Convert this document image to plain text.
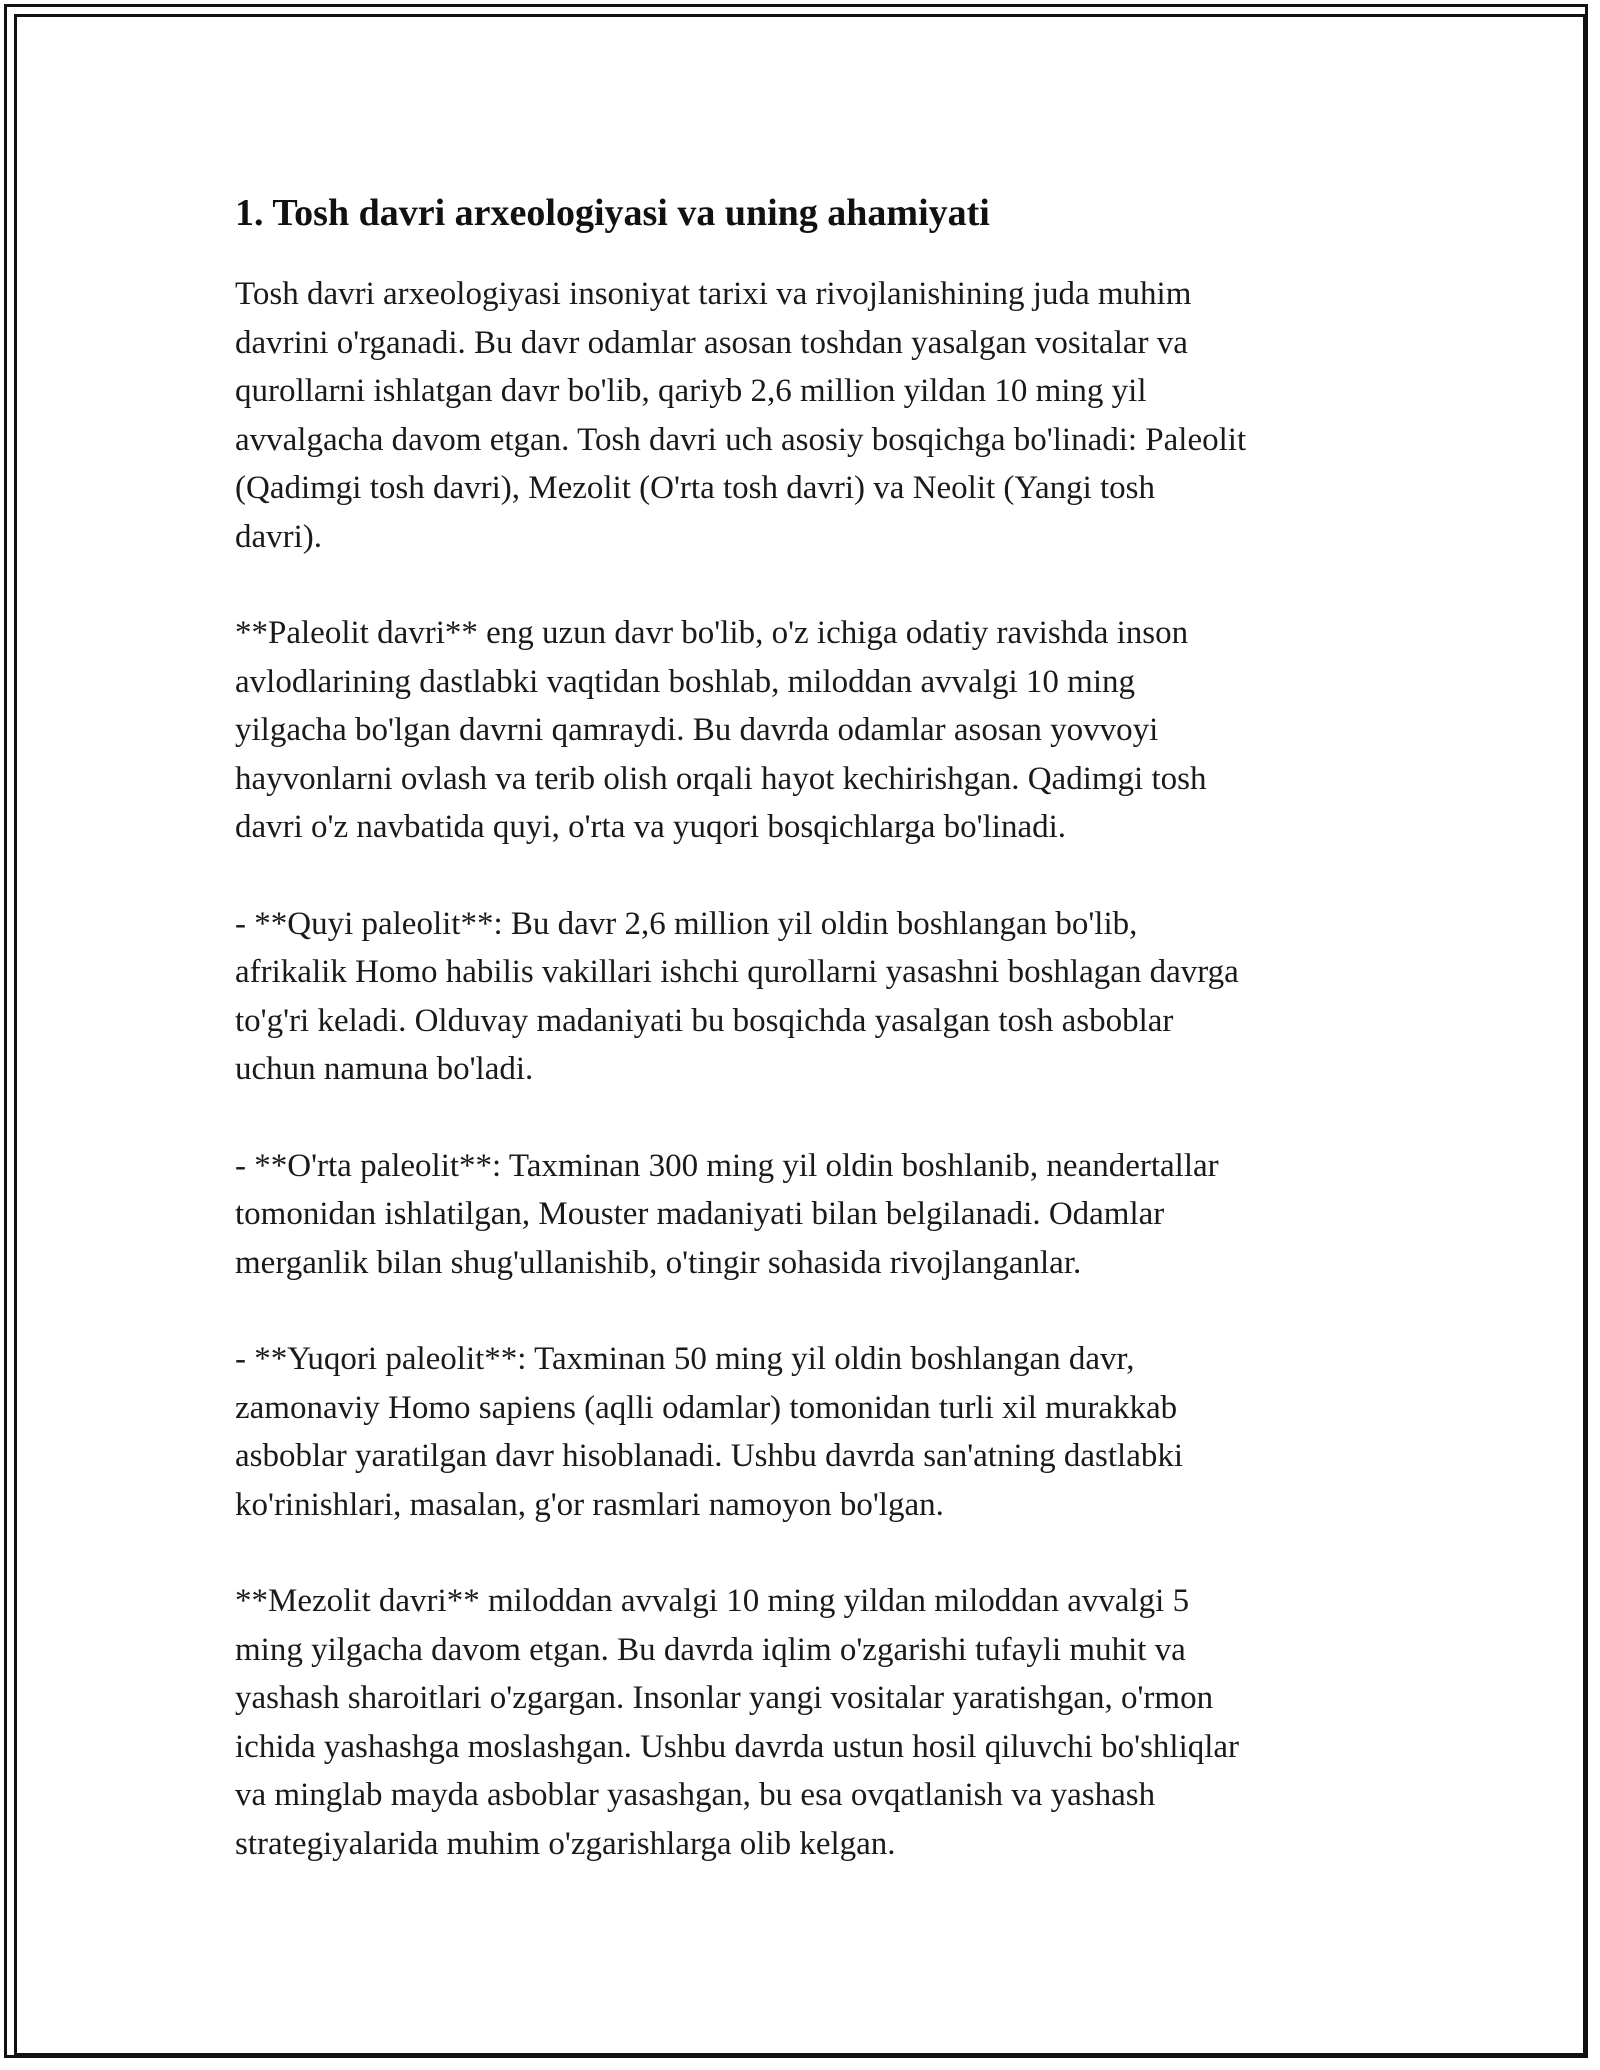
1. Tosh davri arxeologiyasi va uning ahamiyati

Tosh davri arxeologiyasi insoniyat tarixi va rivojlanishining juda muhim
davrini o'rganadi. Bu davr odamlar asosan toshdan yasalgan vositalar va
qurollarni ishlatgan davr bo'lib, qariyb 2,6 million yildan 10 ming yil
avvalgacha davom etgan. Tosh davri uch asosiy bosqichga bo'linadi: Paleolit
(Qadimgi tosh davri), Mezolit (O'rta tosh davri) va Neolit (Yangi tosh
davri).

**Paleolit davri** eng uzun davr bo'lib, o'z ichiga odatiy ravishda inson
avlodlarining dastlabki vaqtidan boshlab, miloddan avvalgi 10 ming
yilgacha bo'lgan davrni qamraydi. Bu davrda odamlar asosan yovvoyi
hayvonlarni ovlash va terib olish orqali hayot kechirishgan. Qadimgi tosh
davri o'z navbatida quyi, o'rta va yuqori bosqichlarga bo'linadi.

- **Quyi paleolit**: Bu davr 2,6 million yil oldin boshlangan bo'lib,
afrikalik Homo habilis vakillari ishchi qurollarni yasashni boshlagan davrga
to'g'ri keladi. Olduvay madaniyati bu bosqichda yasalgan tosh asboblar
uchun namuna bo'ladi.

- **O'rta paleolit**: Taxminan 300 ming yil oldin boshlanib, neandertallar
tomonidan ishlatilgan, Mouster madaniyati bilan belgilanadi. Odamlar
merganlik bilan shug'ullanishib, o'tingir sohasida rivojlanganlar.

- **Yuqori paleolit**: Taxminan 50 ming yil oldin boshlangan davr,
zamonaviy Homo sapiens (aqlli odamlar) tomonidan turli xil murakkab
asboblar yaratilgan davr hisoblanadi. Ushbu davrda san'atning dastlabki
ko'rinishlari, masalan, g'or rasmlari namoyon bo'lgan.

**Mezolit davri** miloddan avvalgi 10 ming yildan miloddan avvalgi 5
ming yilgacha davom etgan. Bu davrda iqlim o'zgarishi tufayli muhit va
yashash sharoitlari o'zgargan. Insonlar yangi vositalar yaratishgan, o'rmon
ichida yashashga moslashgan. Ushbu davrda ustun hosil qiluvchi bo'shliqlar
va minglab mayda asboblar yasashgan, bu esa ovqatlanish va yashash
strategiyalarida muhim o'zgarishlarga olib kelgan.
